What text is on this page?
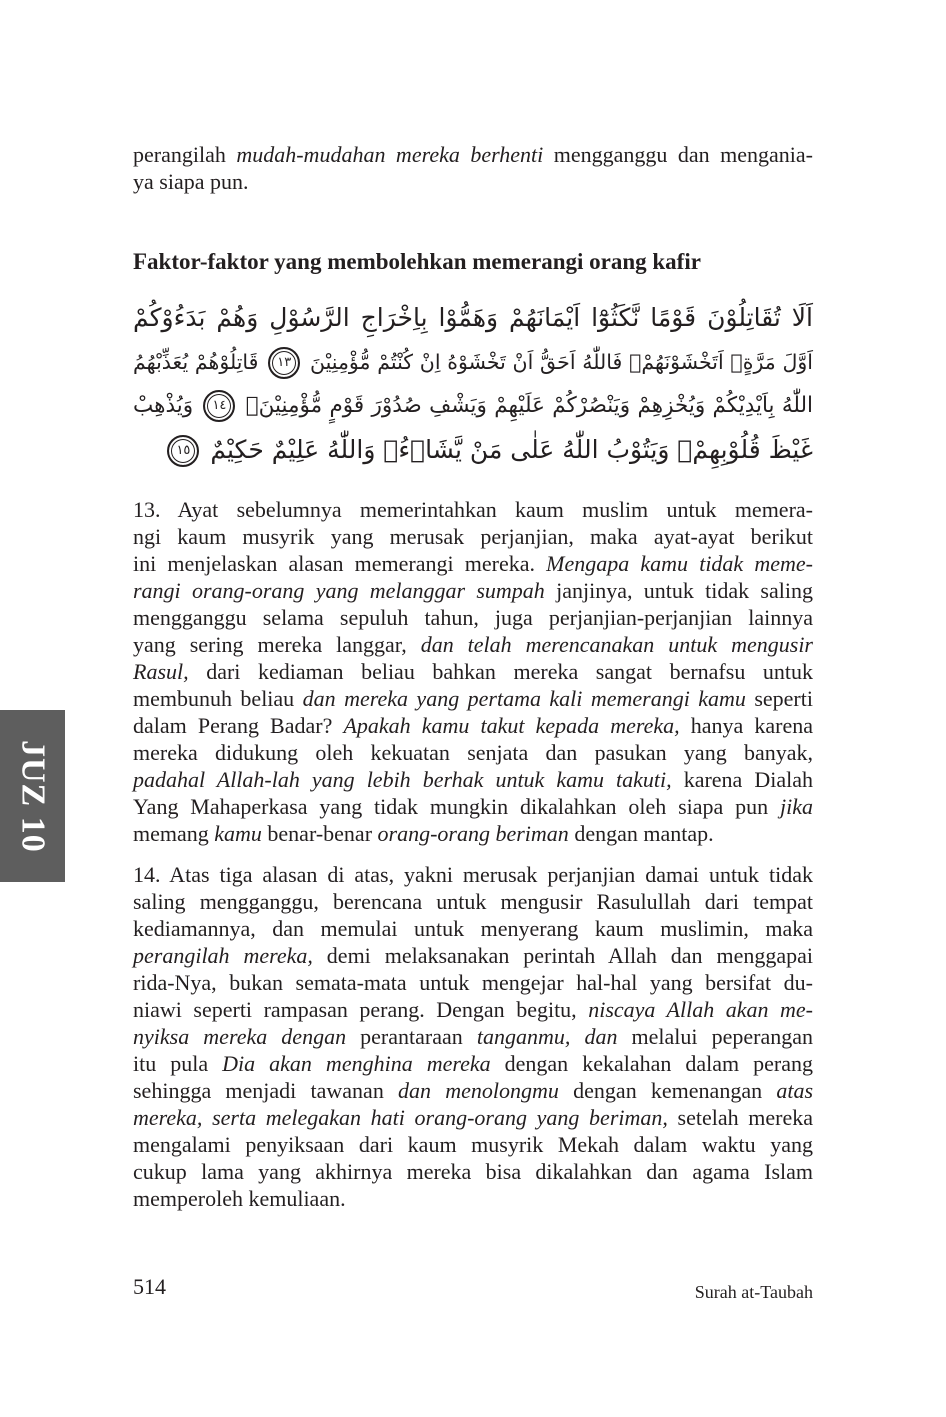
JUZ 10
perangilah mudah-mudahan mereka berhenti mengganggu dan mengania-
ya siapa pun.
Faktor-faktor yang membolehkan memerangi orang kafir
اَلَا تُقَاتِلُوْنَ قَوْمًا نَّكَثُوْٓا اَيْمَانَهُمْ وَهَمُّوْا بِاِخْرَاجِ الرَّسُوْلِ وَهُمْ بَدَءُوْكُمْ
اَوَّلَ مَرَّةٍۗ اَتَخْشَوْنَهُمْۚ فَاللّٰهُ اَحَقُّ اَنْ تَخْشَوْهُ اِنْ كُنْتُمْ مُّؤْمِنِيْنَ ١٣ قَاتِلُوْهُمْ يُعَذِّبْهُمُ
اللّٰهُ بِاَيْدِيْكُمْ وَيُخْزِهِمْ وَيَنْصُرْكُمْ عَلَيْهِمْ وَيَشْفِ صُدُوْرَ قَوْمٍ مُّؤْمِنِيْنَۙ ١٤ وَيُذْهِبْ
غَيْظَ قُلُوْبِهِمْۗ وَيَتُوْبُ اللّٰهُ عَلٰى مَنْ يَّشَاۤءُۗ وَاللّٰهُ عَلِيْمٌ حَكِيْمٌ ١٥
13. Ayat sebelumnya memerintahkan kaum muslim untuk memera-
ngi kaum musyrik yang merusak perjanjian, maka ayat-ayat berikut
ini menjelaskan alasan memerangi mereka. Mengapa kamu tidak meme-
rangi orang-orang yang melanggar sumpah janjinya, untuk tidak saling
mengganggu selama sepuluh tahun, juga perjanjian-perjanjian lainnya
yang sering mereka langgar, dan telah merencanakan untuk mengusir
Rasul, dari kediaman beliau bahkan mereka sangat bernafsu untuk
membunuh beliau dan mereka yang pertama kali memerangi kamu seperti
dalam Perang Badar? Apakah kamu takut kepada mereka, hanya karena
mereka didukung oleh kekuatan senjata dan pasukan yang banyak,
padahal Allah-lah yang lebih berhak untuk kamu takuti, karena Dialah
Yang Mahaperkasa yang tidak mungkin dikalahkan oleh siapa pun jika
memang kamu benar-benar orang-orang beriman dengan mantap.
14. Atas tiga alasan di atas, yakni merusak perjanjian damai untuk tidak
saling mengganggu, berencana untuk mengusir Rasulullah dari tempat
kediamannya, dan memulai untuk menyerang kaum muslimin, maka
perangilah mereka, demi melaksanakan perintah Allah dan menggapai
rida-Nya, bukan semata-mata untuk mengejar hal-hal yang bersifat du-
niawi seperti rampasan perang. Dengan begitu, niscaya Allah akan me-
nyiksa mereka dengan perantaraan tanganmu, dan melalui peperangan
itu pula Dia akan menghina mereka dengan kekalahan dalam perang
sehingga menjadi tawanan dan menolongmu dengan kemenangan atas
mereka, serta melegakan hati orang-orang yang beriman, setelah mereka
mengalami penyiksaan dari kaum musyrik Mekah dalam waktu yang
cukup lama yang akhirnya mereka bisa dikalahkan dan agama Islam
memperoleh kemuliaan.
514	Surah at-Taubah
